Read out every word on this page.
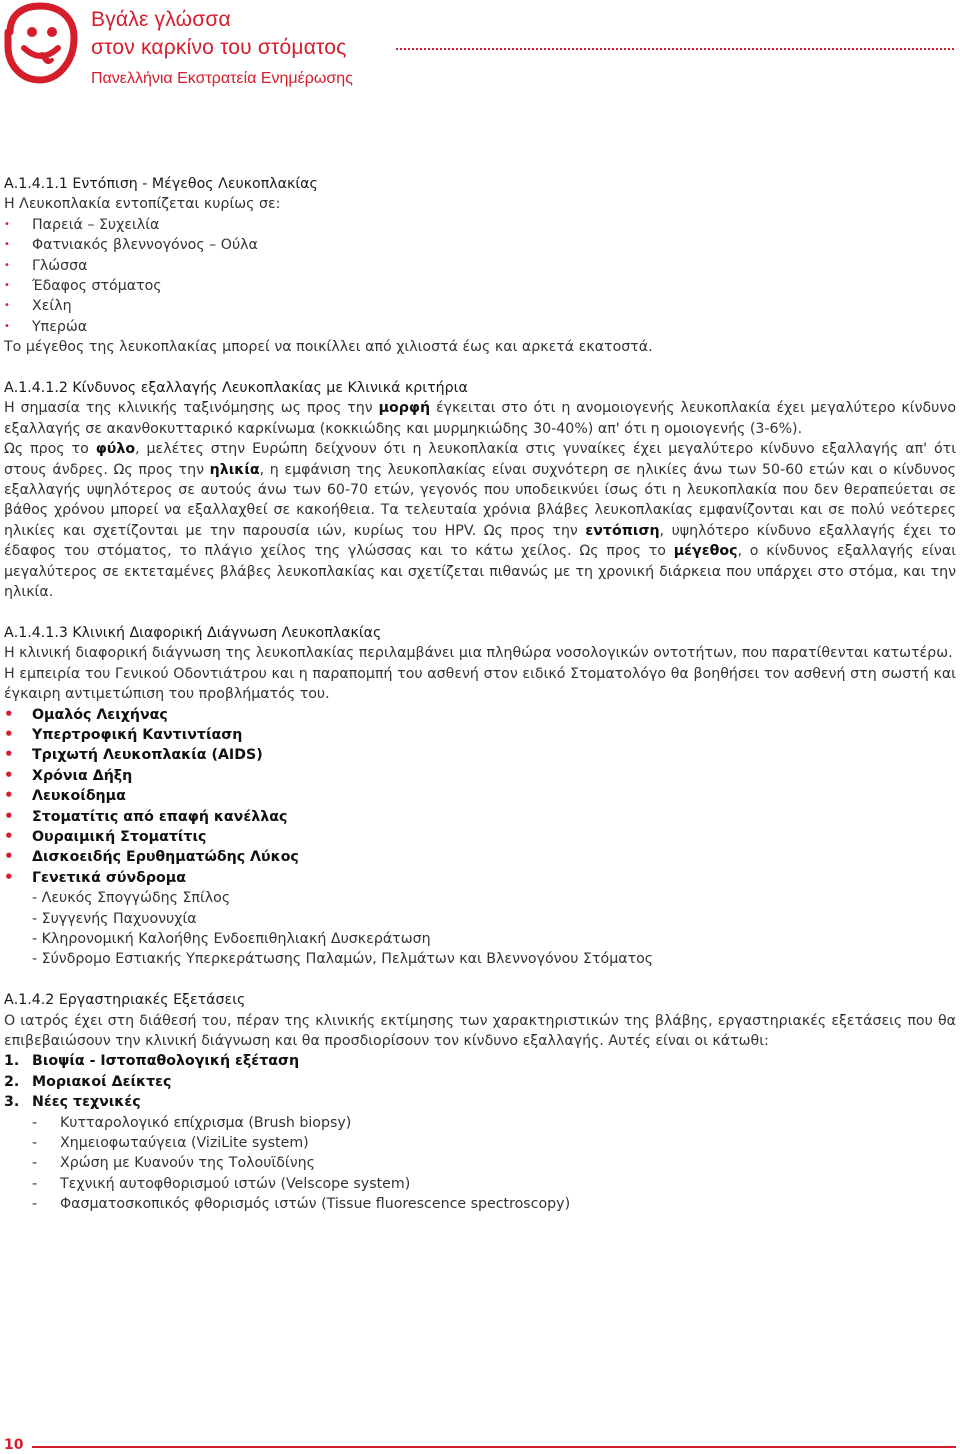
Βγάλε γλώσσα
στον καρκίνο του στόματος
Πανελλήνια Εκστρατεία Ενημέρωσης
Α.1.4.1.1 Εντόπιση - Μέγεθος Λευκοπλακίας

Η Λευκοπλακία εντοπίζεται κυρίως σε:

• Παρειά – Συχειλία
• Φατνιακός βλεννογόνος – Ούλα
• Γλώσσα
• Έδαφος στόματος
• Χείλη
• Υπερώα

Το μέγεθος της λευκοπλακίας μπορεί να ποικίλλει από χιλιοστά έως και αρκετά εκατοστά.

Α.1.4.1.2 Κίνδυνος εξαλλαγής Λευκοπλακίας με Κλινικά κριτήρια

Η σημασία της κλινικής ταξινόμησης ως προς την μορφή έγκειται στο ότι η ανομοιογενής λευκοπλακία έχει μεγαλύτερο κίνδυνο εξαλλαγής σε ακανθοκυτταρικό καρκίνωμα (κοκκιώδης και μυρμηκιώδης 30-40%) απ' ότι η ομοιογενής (3-6%).

Ως προς το φύλο, μελέτες στην Ευρώπη δείχνουν ότι η λευκοπλακία στις γυναίκες έχει μεγαλύτερο κίνδυνο εξαλλαγής απ' ότι στους άνδρες. Ως προς την ηλικία, η εμφάνιση της λευκοπλακίας είναι συχνότερη σε ηλικίες άνω των 50-60 ετών και ο κίνδυνος εξαλλαγής υψηλότερος σε αυτούς άνω των 60-70 ετών, γεγονός που υποδεικνύει ίσως ότι η λευκοπλακία που δεν θεραπεύεται σε βάθος χρόνου μπορεί να εξαλλαχθεί σε κακοήθεια. Τα τελευταία χρόνια βλάβες λευκοπλακίας εμφανίζονται και σε πολύ νεότερες ηλικίες και σχετίζονται με την παρουσία ιών, κυρίως του HPV. Ως προς την εντόπιση, υψηλότερο κίνδυνο εξαλλαγής έχει το έδαφος του στόματος, το πλάγιο χείλος της γλώσσας και το κάτω χείλος. Ως προς το μέγεθος, ο κίνδυνος εξαλλαγής είναι μεγαλύτερος σε εκτεταμένες βλάβες λευκοπλακίας και σχετίζεται πιθανώς με τη χρονική διάρκεια που υπάρχει στο στόμα, και την ηλικία.

Α.1.4.1.3 Κλινική Διαφορική Διάγνωση Λευκοπλακίας

Η κλινική διαφορική διάγνωση της λευκοπλακίας περιλαμβάνει μια πληθώρα νοσολογικών οντοτήτων, που παρατίθενται κατωτέρω.

Η εμπειρία του Γενικού Οδοντιάτρου και η παραπομπή του ασθενή στον ειδικό Στοματολόγο θα βοηθήσει τον ασθενή στη σωστή και έγκαιρη αντιμετώπιση του προβλήματός του.

• Ομαλός Λειχήνας
• Υπερτροφική Καντιντίαση
• Τριχωτή Λευκοπλακία (AIDS)
• Χρόνια Δήξη
• Λευκοίδημα
• Στοματίτις από επαφή κανέλλας
• Ουραιμική Στοματίτις
• Δισκοειδής Ερυθηματώδης Λύκος
• Γενετικά σύνδρομα
- Λευκός Σπογγώδης Σπίλος
- Συγγενής Παχυονυχία
- Κληρονομική Καλοήθης Ενδοεπιθηλιακή Δυσκεράτωση
- Σύνδρομο Εστιακής Υπερκεράτωσης Παλαμών, Πελμάτων και Βλεννογόνου Στόματος
Α.1.4.2 Εργαστηριακές Εξετάσεις

Ο ιατρός έχει στη διάθεσή του, πέραν της κλινικής εκτίμησης των χαρακτηριστικών της βλάβης, εργαστηριακές εξετάσεις που θα επιβεβαιώσουν την κλινική διάγνωση και θα προσδιορίσουν τον κίνδυνο εξαλλαγής. Αυτές είναι οι κάτωθι:

1. Βιοψία - Ιστοπαθολογική εξέταση
2. Μοριακοί Δείκτες
3. Νέες τεχνικές
- Κυτταρολογικό επίχρισμα (Brush biopsy)
- Χημειοφωταύγεια (ViziLite system)
- Χρώση με Κυανούν της Τολουϊδίνης
- Τεχνική αυτοφθορισμού ιστών (Velscope system)
- Φασματοσκοπικός φθορισμός ιστών (Tissue fluorescence spectroscopy)
10
